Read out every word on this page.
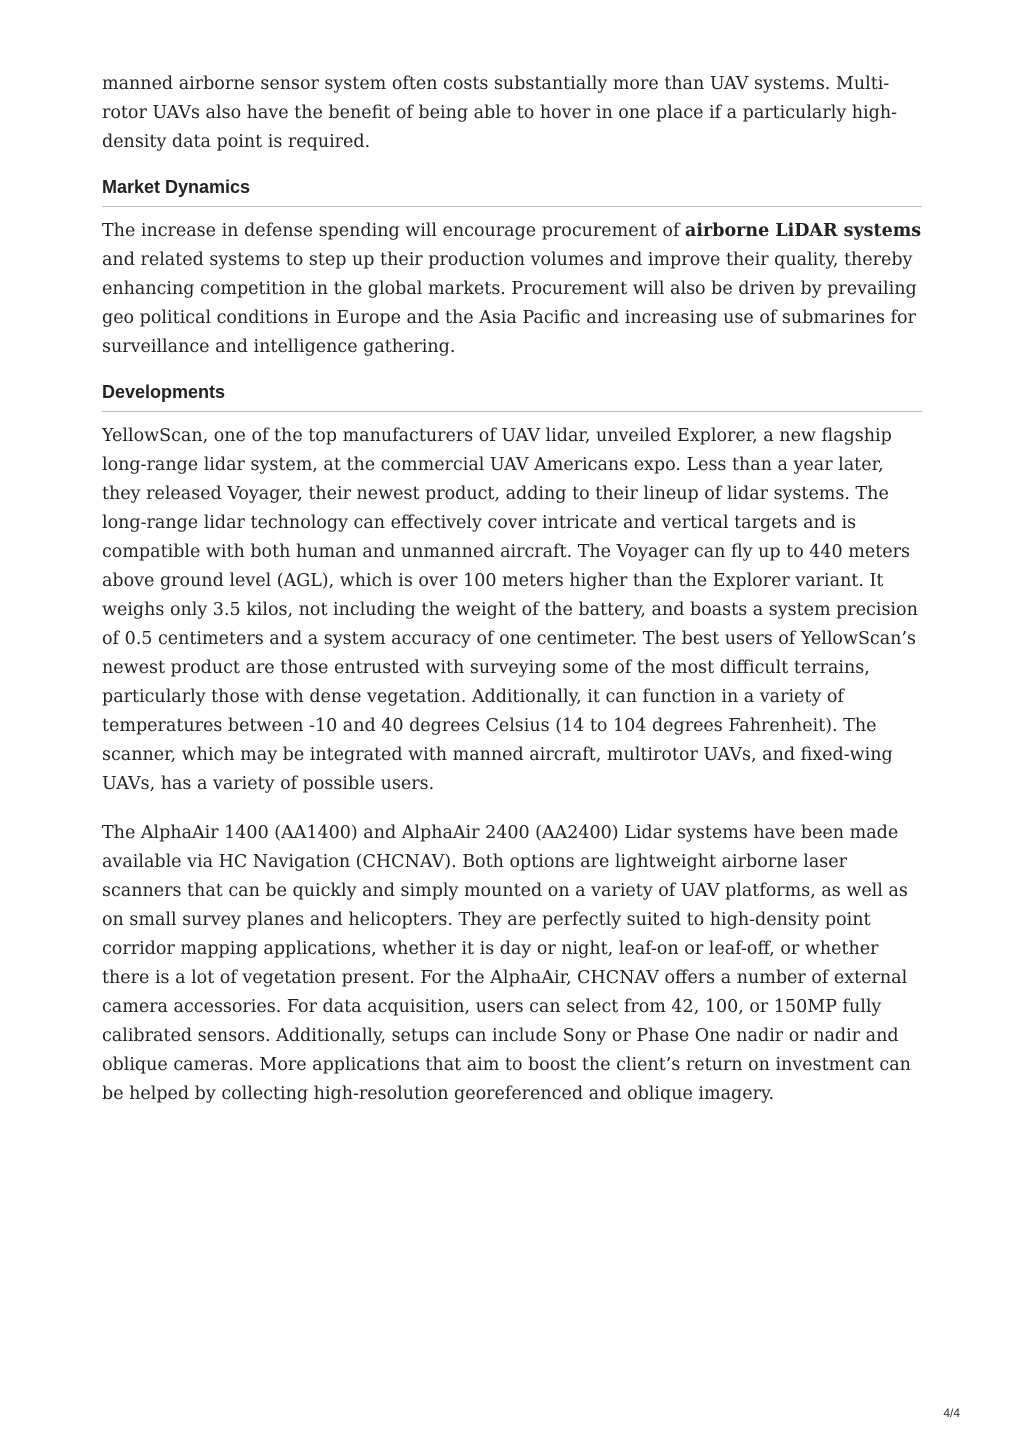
manned airborne sensor system often costs substantially more than UAV systems. Multi-rotor UAVs also have the benefit of being able to hover in one place if a particularly high-density data point is required.

Market Dynamics

The increase in defense spending will encourage procurement of airborne LiDAR systems and related systems to step up their production volumes and improve their quality, thereby enhancing competition in the global markets. Procurement will also be driven by prevailing geo political conditions in Europe and the Asia Pacific and increasing use of submarines for surveillance and intelligence gathering.

Developments

YellowScan, one of the top manufacturers of UAV lidar, unveiled Explorer, a new flagship long-range lidar system, at the commercial UAV Americans expo. Less than a year later, they released Voyager, their newest product, adding to their lineup of lidar systems. The long-range lidar technology can effectively cover intricate and vertical targets and is compatible with both human and unmanned aircraft. The Voyager can fly up to 440 meters above ground level (AGL), which is over 100 meters higher than the Explorer variant. It weighs only 3.5 kilos, not including the weight of the battery, and boasts a system precision of 0.5 centimeters and a system accuracy of one centimeter. The best users of YellowScan’s newest product are those entrusted with surveying some of the most difficult terrains, particularly those with dense vegetation. Additionally, it can function in a variety of temperatures between -10 and 40 degrees Celsius (14 to 104 degrees Fahrenheit). The scanner, which may be integrated with manned aircraft, multirotor UAVs, and fixed-wing UAVs, has a variety of possible users.

The AlphaAir 1400 (AA1400) and AlphaAir 2400 (AA2400) Lidar systems have been made available via HC Navigation (CHCNAV). Both options are lightweight airborne laser scanners that can be quickly and simply mounted on a variety of UAV platforms, as well as on small survey planes and helicopters. They are perfectly suited to high-density point corridor mapping applications, whether it is day or night, leaf-on or leaf-off, or whether there is a lot of vegetation present. For the AlphaAir, CHCNAV offers a number of external camera accessories. For data acquisition, users can select from 42, 100, or 150MP fully calibrated sensors. Additionally, setups can include Sony or Phase One nadir or nadir and oblique cameras. More applications that aim to boost the client’s return on investment can be helped by collecting high-resolution georeferenced and oblique imagery.

4/4
